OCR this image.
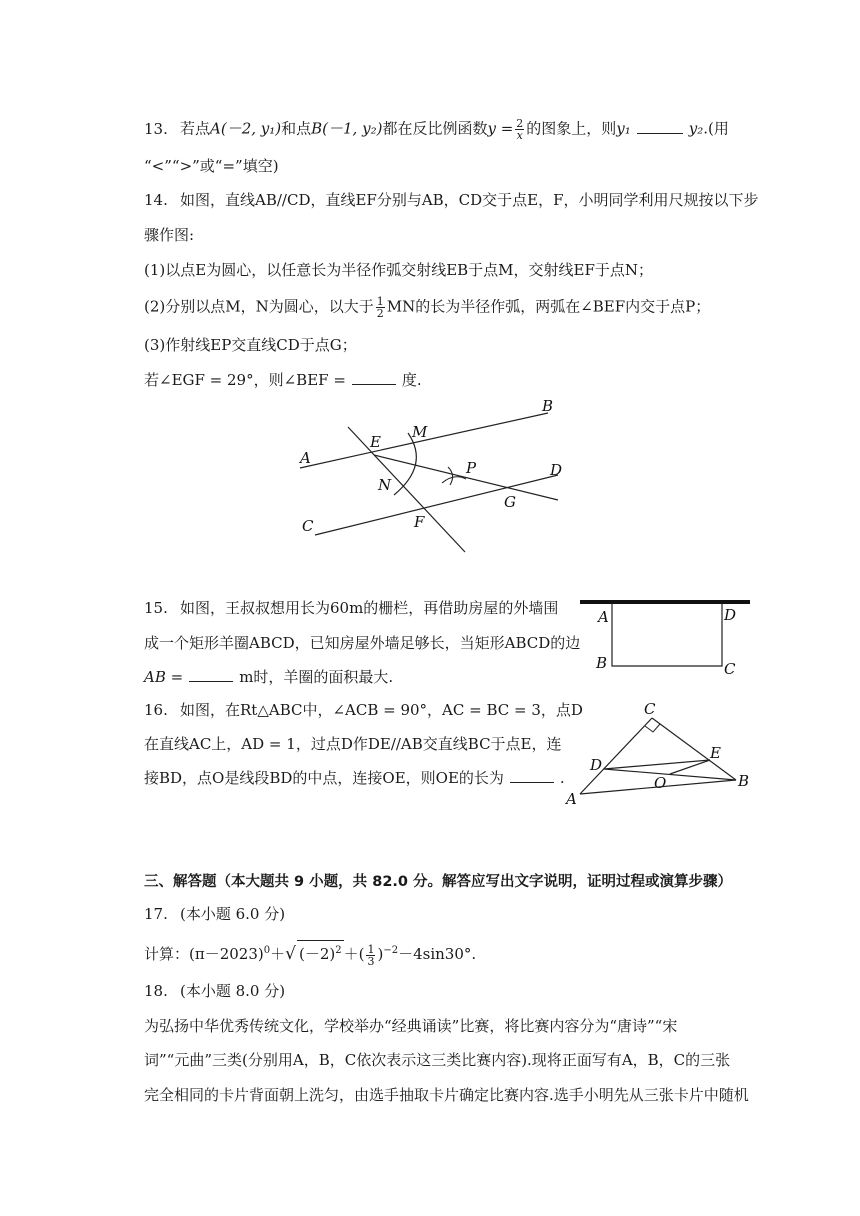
13. 若点A(－2, y₁)和点B(－1, y₂)都在反比例函数$y = \frac{2}{x}$ 的图象上，则y₁	y₂.(用
“<”“>”或“=”填空)
14. 如图，直线AB//CD，直线EF分别与AB，CD交于点E，F，小明同学利用尺规按以下步
骤作图:
(1)以点E为圆心，以任意长为半径作弧交射线EB于点M，交射线EF于点N；
(2)分别以点M，N为圆心，以大于 $\frac{1}{2}$ MN的长为半径作弧，两弧在∠BEF内交于点P；
(3)作射线EP交直线CD于点G；
若∠EGF = 29°，则∠BEF =	度.
A
B
C
D
E
F
G
M
N
P
15. 如图，王叔叔想用长为60m的栅栏，再借助房屋的外墙围
成一个矩形羊圈ABCD，已知房屋外墙足够长，当矩形ABCD的边
AB =	m时，羊圈的面积最大.
A
B	C
D
16. 如图，在Rt△ABC中，∠ACB = 90°，AC = BC = 3，点D
在直线AC上，AD = 1，过点D作DE//AB交直线BC于点E，连
接BD，点O是线段BD的中点，连接OE，则OE的长为	.
A
B
C
D
E
O
三、解答题（本大题共 9 小题，共 82.0 分。解答应写出文字说明，证明过程或演算步骤）
17. (本小题 6.0 分)
计算：$(\pi-2023)^0+√$ $(-2)^2$ ＋( $\frac{1}{3} )^{-2}-4\sin 30^\circ$.
18. (本小题 8.0 分)
为弘扬中华优秀传统文化，学校举办“经典诵读”比赛，将比赛内容分为“唐诗”“宋
词”“元曲”三类(分别用A，B，C依次表示这三类比赛内容).现将正面写有A，B，C的三张
完全相同的卡片背面朝上洗匀，由选手抽取卡片确定比赛内容.选手小明先从三张卡片中随机
